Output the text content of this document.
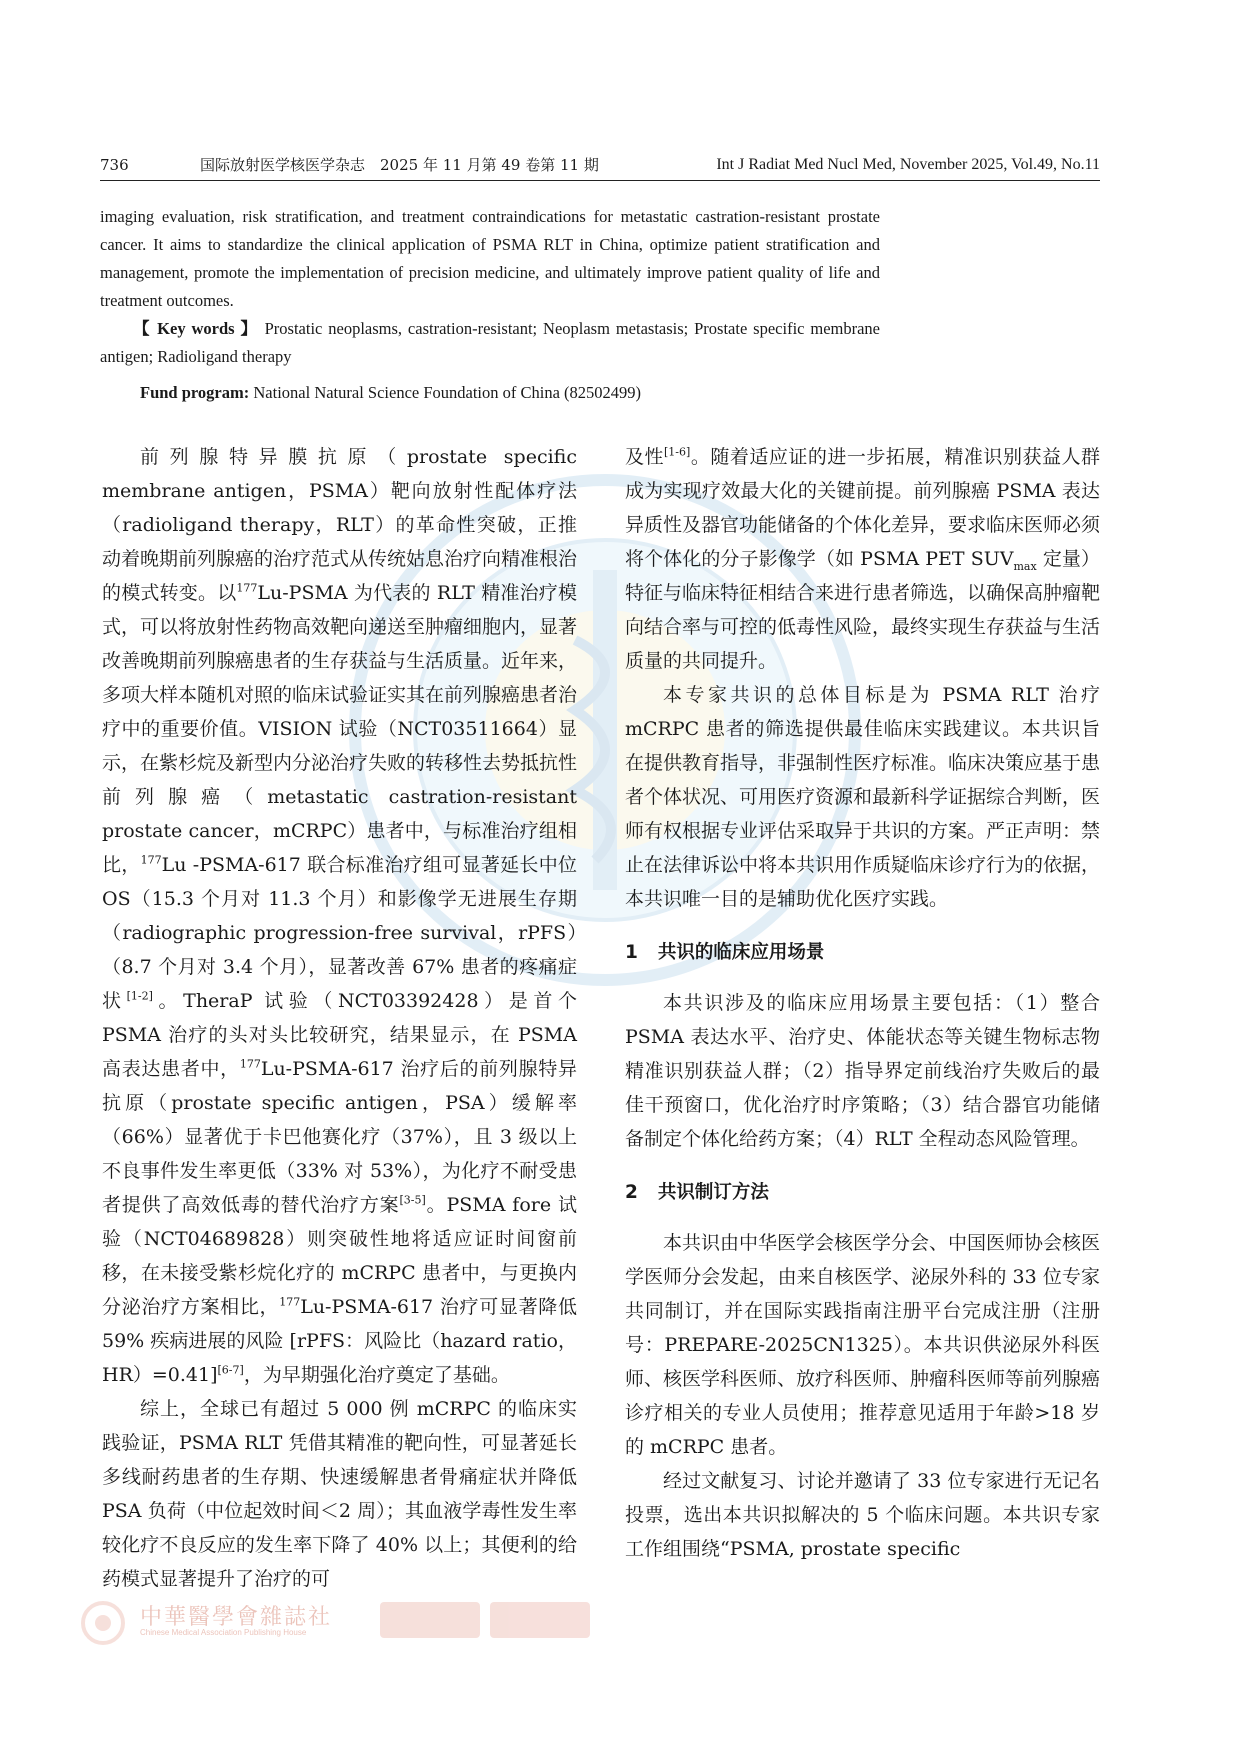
736	国际放射医学核医学杂志　2025 年 11 月第 49 卷第 11 期	Int J Radiat Med Nucl Med, November 2025, Vol.49, No.11

imaging evaluation, risk stratification, and treatment contraindications for metastatic castration-resistant prostate cancer. It aims to standardize the clinical application of PSMA RLT in China, optimize patient stratification and management, promote the implementation of precision medicine, and ultimately improve patient quality of life and treatment outcomes.

【 Key words 】 Prostatic neoplasms, castration-resistant; Neoplasm metastasis; Prostate specific membrane antigen; Radioligand therapy

Fund program: National Natural Science Foundation of China (82502499)

前列腺特异膜抗原（prostate specific membrane antigen，PSMA）靶向放射性配体疗法（radioligand therapy，RLT）的革命性突破，正推动着晚期前列腺癌的治疗范式从传统姑息治疗向精准根治的模式转变。以$^{177}$Lu-PSMA 为代表的 RLT 精准治疗模式，可以将放射性药物高效靶向递送至肿瘤细胞内，显著改善晚期前列腺癌患者的生存获益与生活质量。近年来，多项大样本随机对照的临床试验证实其在前列腺癌患者治疗中的重要价值。VISION 试验（NCT03511664）显示，在紫杉烷及新型内分泌治疗失败的转移性去势抵抗性前列腺癌（metastatic castration-resistant prostate cancer，mCRPC）患者中，与标准治疗组相比，$^{177}$Lu -PSMA-617 联合标准治疗组可显著延长中位 OS（15.3 个月对 11.3 个月）和影像学无进展生存期（radiographic progression-free survival，rPFS）（8.7 个月对 3.4 个月），显著改善 67% 患者的疼痛症状[1-2]。TheraP 试验（NCT03392428）是首个 PSMA 治疗的头对头比较研究，结果显示，在 PSMA 高表达患者中，$^{177}$Lu-PSMA-617 治疗后的前列腺特异抗原（prostate specific antigen，PSA）缓解率（66%）显著优于卡巴他赛化疗（37%），且 3 级以上不良事件发生率更低（33% 对 53%），为化疗不耐受患者提供了高效低毒的替代治疗方案[3-5]。PSMA fore 试验（NCT04689828）则突破性地将适应证时间窗前移，在未接受紫杉烷化疗的 mCRPC 患者中，与更换内分泌治疗方案相比，$^{177}$Lu-PSMA-617 治疗可显著降低 59% 疾病进展的风险 [rPFS：风险比（hazard ratio，HR）=0.41][6-7]，为早期强化治疗奠定了基础。

综上，全球已有超过 5 000 例 mCRPC 的临床实践验证，PSMA RLT 凭借其精准的靶向性，可显著延长多线耐药患者的生存期、快速缓解患者骨痛症状并降低 PSA 负荷（中位起效时间＜2 周）；其血液学毒性发生率较化疗不良反应的发生率下降了 40% 以上；其便利的给药模式显著提升了治疗的可

及性[1-6]。随着适应证的进一步拓展，精准识别获益人群成为实现疗效最大化的关键前提。前列腺癌 PSMA 表达异质性及器官功能储备的个体化差异，要求临床医师必须将个体化的分子影像学（如 PSMA PET $SUV_{max}$ 定量）特征与临床特征相结合来进行患者筛选，以确保高肿瘤靶向结合率与可控的低毒性风险，最终实现生存获益与生活质量的共同提升。

本专家共识的总体目标是为 PSMA RLT 治疗 mCRPC 患者的筛选提供最佳临床实践建议。本共识旨在提供教育指导，非强制性医疗标准。临床决策应基于患者个体状况、可用医疗资源和最新科学证据综合判断，医师有权根据专业评估采取异于共识的方案。严正声明：禁止在法律诉讼中将本共识用作质疑临床诊疗行为的依据，本共识唯一目的是辅助优化医疗实践。

1 共识的临床应用场景

本共识涉及的临床应用场景主要包括：（1）整合 PSMA 表达水平、治疗史、体能状态等关键生物标志物精准识别获益人群；（2）指导界定前线治疗失败后的最佳干预窗口，优化治疗时序策略；（3）结合器官功能储备制定个体化给药方案；（4）RLT 全程动态风险管理。

2 共识制订方法

本共识由中华医学会核医学分会、中国医师协会核医学医师分会发起，由来自核医学、泌尿外科的 33 位专家共同制订，并在国际实践指南注册平台完成注册（注册号：PREPARE-2025CN1325）。本共识供泌尿外科医师、核医学科医师、放疗科医师、肿瘤科医师等前列腺癌诊疗相关的专业人员使用；推荐意见适用于年龄>18 岁的 mCRPC 患者。

经过文献复习、讨论并邀请了 33 位专家进行无记名投票，选出本共识拟解决的 5 个临床问题。本共识专家工作组围绕“PSMA, prostate specific

中華醫學會雜誌社
Chinese Medical Association Publishing House
